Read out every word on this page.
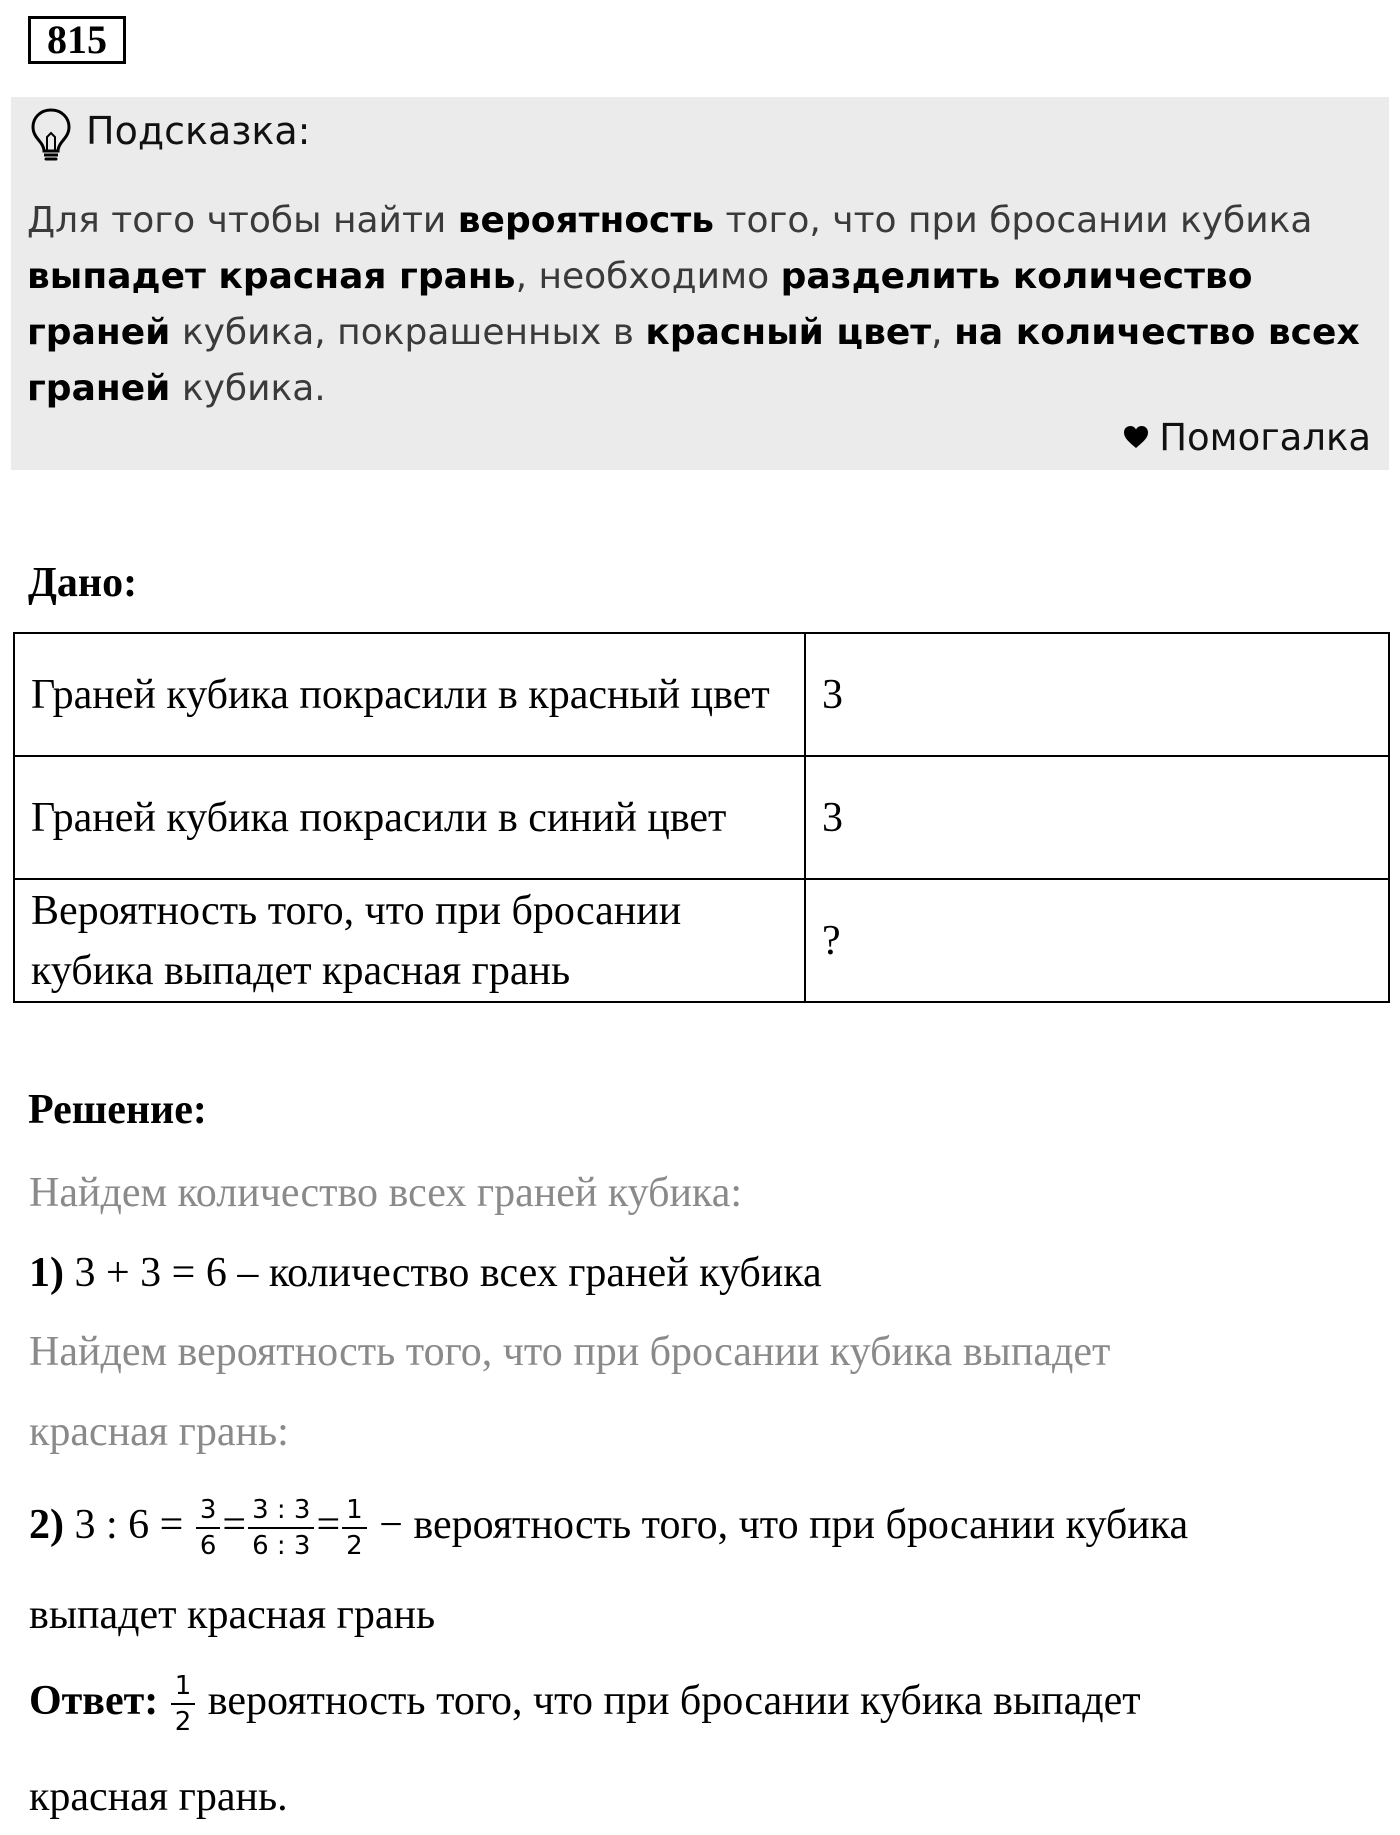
815
Подсказка:
Для того чтобы найти вероятность того, что при бросании кубика выпадет красная грань, необходимо разделить количество граней кубика, покрашенных в красный цвет, на количество всех граней кубика.
Помогалка
Дано:
Граней кубика покрасили в красный цвет	3
Граней кубика покрасили в синий цвет	3
Вероятность того, что при бросании кубика выпадет красная грань	?
Решение:
Найдем количество всех граней кубика:
1) 3 + 3 = 6 – количество всех граней кубика
Найдем вероятность того, что при бросании кубика выпадет
красная грань:
2) 3 : $6 = \frac{3}{6} = \frac{3 : 3}{6 : 3} = \frac{1}{2}$ − вероятность того, что при бросании кубика
выпадет красная грань
Ответ: $\frac{1}{2}$ вероятность того, что при бросании кубика выпадет
красная грань.
